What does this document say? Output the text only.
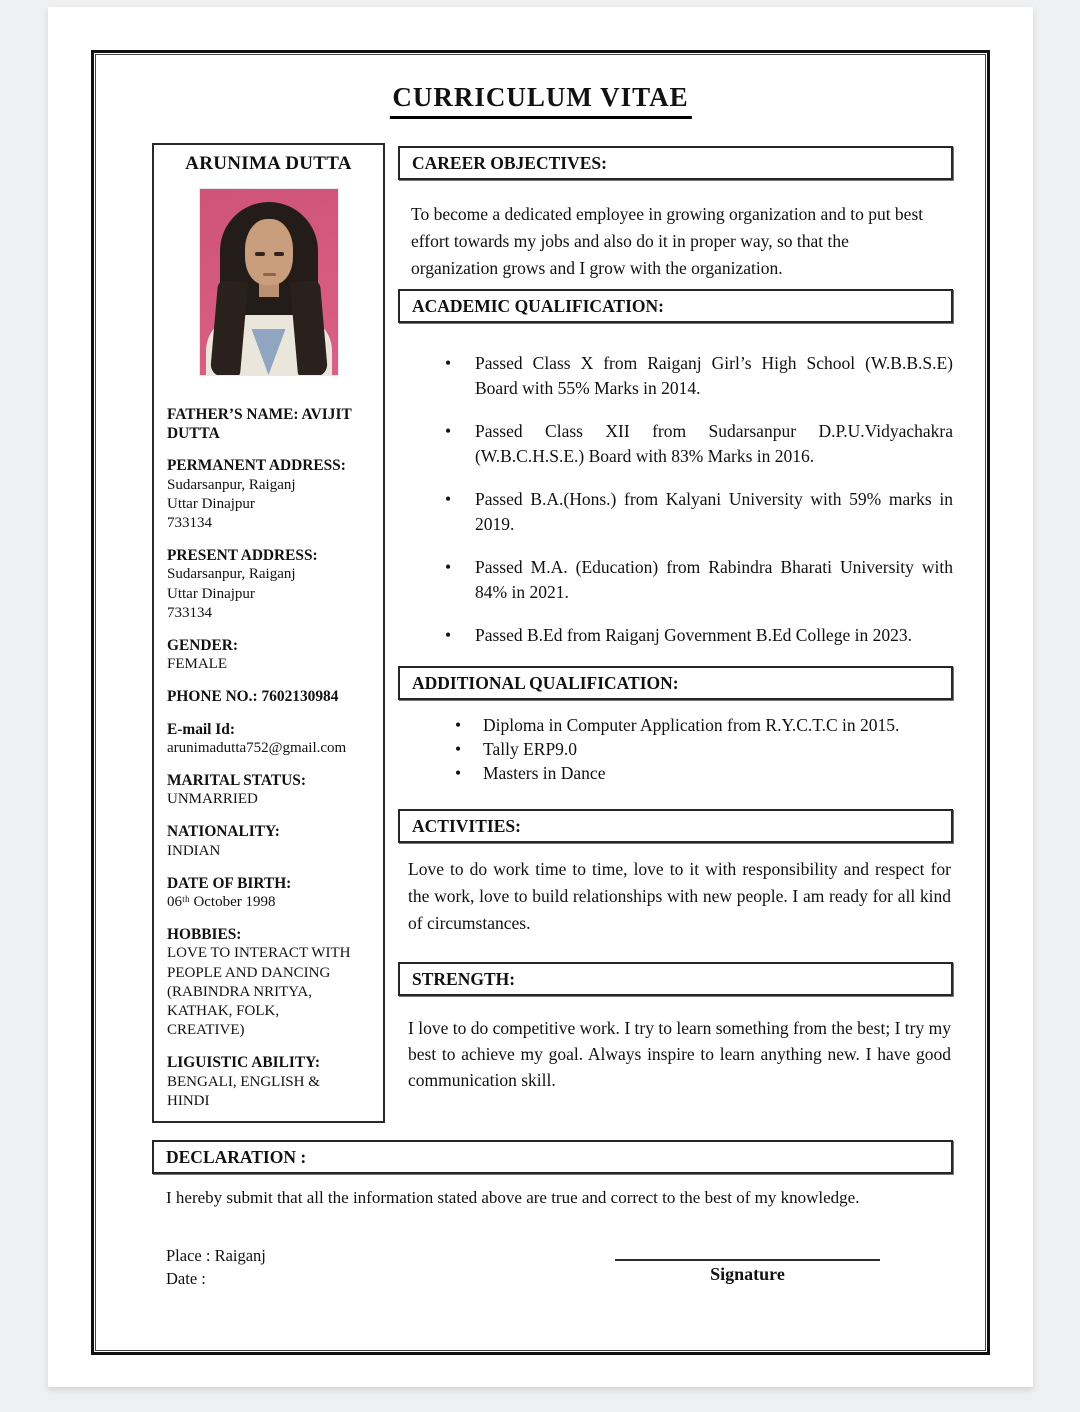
CURRICULUM VITAE
ARUNIMA DUTTA
FATHER’S NAME: AVIJIT
DUTTA
PERMANENT ADDRESS:
Sudarsanpur, Raiganj
Uttar Dinajpur
733134
PRESENT ADDRESS:
Sudarsanpur, Raiganj
Uttar Dinajpur
733134
GENDER:
FEMALE
PHONE NO.: 7602130984
E-mail Id:
arunimadutta752@gmail.com
MARITAL STATUS:
UNMARRIED
NATIONALITY:
INDIAN
DATE OF BIRTH:
06ᵗʰ October 1998
HOBBIES:
LOVE TO INTERACT WITH
PEOPLE AND DANCING
(RABINDRA NRITYA,
KATHAK, FOLK,
CREATIVE)
LIGUISTIC ABILITY:
BENGALI, ENGLISH &
HINDI
CAREER OBJECTIVES:

To become a dedicated employee in growing organization and to put best effort towards my jobs and also do it in proper way, so that the organization grows and I grow with the organization.

ACADEMIC QUALIFICATION:
• Passed Class X from Raiganj Girl’s High School (W.B.B.S.E) Board with 55% Marks in 2014.
• Passed Class XII from Sudarsanpur D.P.U.Vidyachakra (W.B.C.H.S.E.) Board with 83% Marks in 2016.
• Passed B.A.(Hons.) from Kalyani University with 59% marks in 2019.
• Passed M.A. (Education) from Rabindra Bharati University with 84% in 2021.
• Passed B.Ed from Raiganj Government B.Ed College in 2023.
ADDITIONAL QUALIFICATION:
• Diploma in Computer Application from R.Y.C.T.C in 2015.
• Tally ERP9.0
• Masters in Dance
ACTIVITIES:

Love to do work time to time, love to it with responsibility and respect for the work, love to build relationships with new people. I am ready for all kind of circumstances.

STRENGTH:

I love to do competitive work. I try to learn something from the best; I try my best to achieve my goal. Always inspire to learn anything new. I have good communication skill.

DECLARATION :

I hereby submit that all the information stated above are true and correct to the best of my knowledge.

Place : Raiganj
Date :	Signature
